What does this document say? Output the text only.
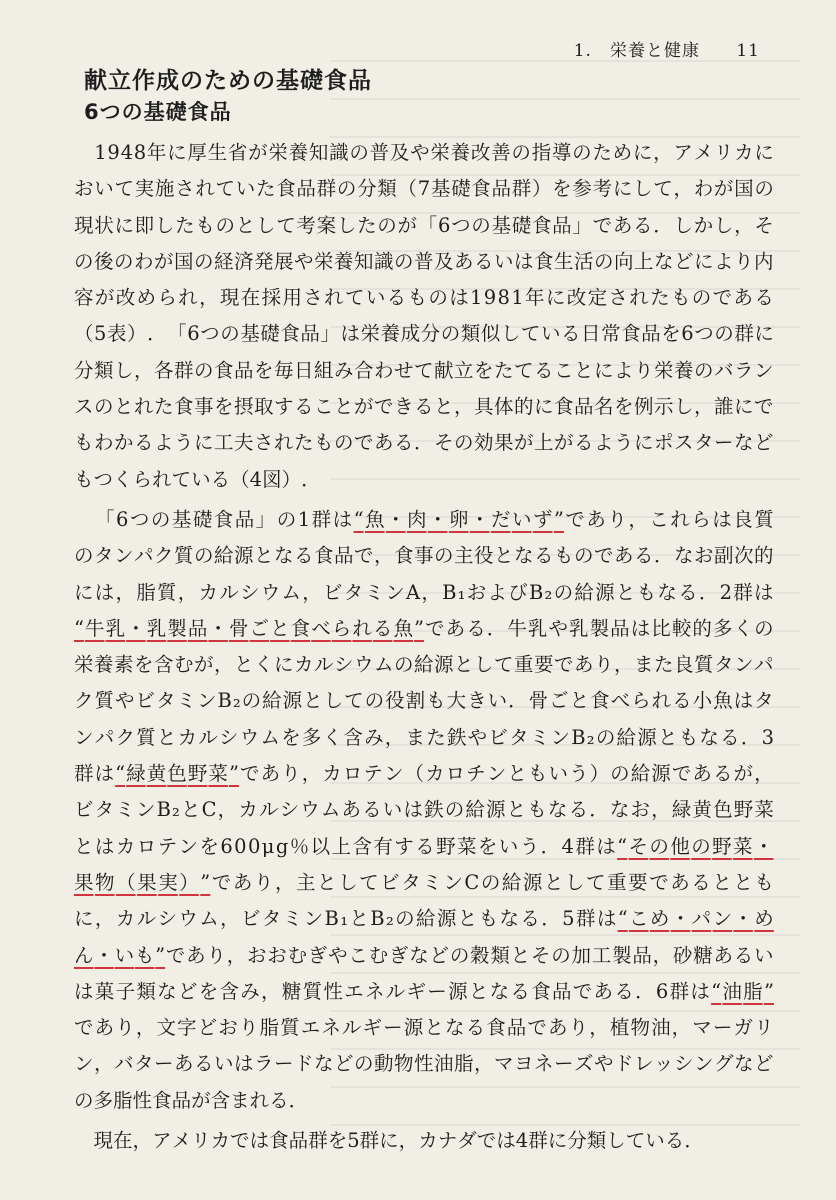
1.　栄養と健康 11
献立作成のための基礎食品
6つの基礎食品

1 9 4 8 年 に 厚 生 省 が 栄 養 知 識 の 普 及 や 栄 養 改 善 の 指 導 の た め に ， ア メ リ カ に
お い て 実 施 さ れ て い た 食 品 群 の 分 類 （ 7 基 礎 食 品 群 ） を 参 考 に し て ， わ が 国 の
現 状 に 即 し た も の と し て 考 案 し た の が 「 6 つ の 基 礎 食 品 」 で あ る ． し か し ， そ
の 後 の わ が 国 の 経 済 発 展 や 栄 養 知 識 の 普 及 あ る い は 食 生 活 の 向 上 な ど に よ り 内
容 が 改 め ら れ ， 現 在 採 用 さ れ て い る も の は 1 9 8 1 年 に 改 定 さ れ た も の で あ る
（ 5 表 ） ． 「 6 つ の 基 礎 食 品 」 は 栄 養 成 分 の 類 似 し て い る 日 常 食 品 を 6 つ の 群 に
分 類 し ， 各 群 の 食 品 を 毎 日 組 み 合 わ せ て 献 立 を た て る こ と に よ り 栄 養 の バ ラ ン
ス の と れ た 食 事 を 摂 取 す る こ と が で き る と ， 具 体 的 に 食 品 名 を 例 示 し ， 誰 に で
も わ か る よ う に 工 夫 さ れ た も の で あ る ． そ の 効 果 が 上 が る よ う に ポ ス タ ー な ど
も つ く ら れ て い る （ 4 図 ） ．

「 6 つ の 基 礎 食 品 」 の 1 群 は “ 魚 ・ 肉 ・ 卵 ・ だ い ず ” で あ り ， こ れ ら は 良 質
の タ ン パ ク 質 の 給 源 と な る 食 品 で ， 食 事 の 主 役 と な る も の で あ る ． な お 副 次 的
に は ， 脂 質 ， カ ル シ ウ ム ， ビ タ ミ ン A ， B ₁ お よ び B ₂ の 給 源 と も な る ． 2 群 は
“ 牛 乳 ・ 乳 製 品 ・ 骨 ご と 食 べ ら れ る 魚 ” で あ る ． 牛 乳 や 乳 製 品 は 比 較 的 多 く の
栄 養 素 を 含 む が ， と く に カ ル シ ウ ム の 給 源 と し て 重 要 で あ り ， ま た 良 質 タ ン パ
ク 質 や ビ タ ミ ン B ₂ の 給 源 と し て の 役 割 も 大 き い ． 骨 ご と 食 べ ら れ る 小 魚 は タ
ン パ ク 質 と カ ル シ ウ ム を 多 く 含 み ， ま た 鉄 や ビ タ ミ ン B ₂ の 給 源 と も な る ． 3
群 は “ 緑 黄 色 野 菜 ” で あ り ， カ ロ テ ン （ カ ロ チ ン と も い う ） の 給 源 で あ る が ，
ビ タ ミ ン B ₂ と C ， カ ル シ ウ ム あ る い は 鉄 の 給 源 と も な る ． な お ， 緑 黄 色 野 菜
と は カ ロ テ ン を 6 0 0 μ g ％ 以 上 含 有 す る 野 菜 を い う ． 4 群 は “ そ の 他 の 野 菜 ・
果 物 （ 果 実 ） ” で あ り ， 主 と し て ビ タ ミ ン C の 給 源 と し て 重 要 で あ る と と も
に ， カ ル シ ウ ム ， ビ タ ミ ン B ₁ と B ₂ の 給 源 と も な る ． 5 群 は “ こ め ・ パ ン ・ め
ん ・ い も ” で あ り ， お お む ぎ や こ む ぎ な ど の 穀 類 と そ の 加 工 製 品 ， 砂 糖 あ る い
は 菓 子 類 な ど を 含 み ， 糖 質 性 エ ネ ル ギ ー 源 と な る 食 品 で あ る ． 6 群 は “ 油 脂 ”
で あ り ， 文 字 ど お り 脂 質 エ ネ ル ギ ー 源 と な る 食 品 で あ り ， 植 物 油 ， マ ー ガ リ
ン ， バ タ ー あ る い は ラ ー ド な ど の 動 物 性 油 脂 ， マ ヨ ネ ー ズ や ド レ ッ シ ン グ な ど
の 多 脂 性 食 品 が 含 ま れ る ．

現 在 ， ア メ リ カ で は 食 品 群 を 5 群 に ， カ ナ ダ で は 4 群 に 分 類 し て い る ．
